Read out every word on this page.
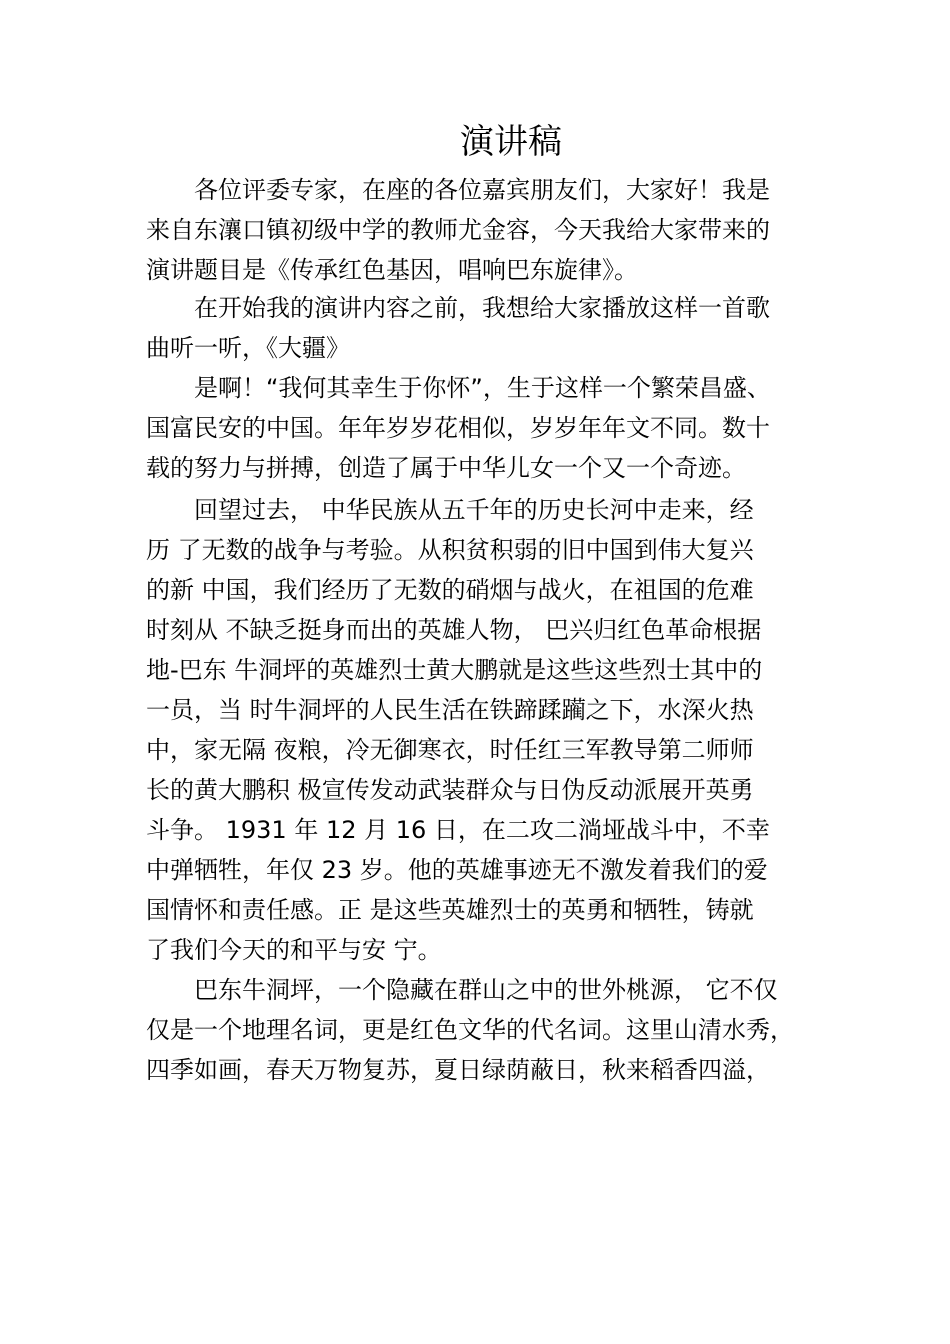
演讲稿
　　各位评委专家，在座的各位嘉宾朋友们，大家好！我是
来自东瀼口镇初级中学的教师尤金容，今天我给大家带来的
演讲题目是《传承红色基因，唱响巴东旋律》。
　　在开始我的演讲内容之前，我想给大家播放这样一首歌
曲听一听，《大疆》
　　是啊！“我何其幸生于你怀”，生于这样一个繁荣昌盛、
国富民安的中国。年年岁岁花相似，岁岁年年文不同。数十
载的努力与拼搏，创造了属于中华儿女一个又一个奇迹。
　　回望过去， 中华民族从五千年的历史长河中走来，经
历 了无数的战争与考验。从积贫积弱的旧中国到伟大复兴
的新 中国，我们经历了无数的硝烟与战火，在祖国的危难
时刻从 不缺乏挺身而出的英雄人物， 巴兴归红色革命根据
地-巴东 牛洞坪的英雄烈士黄大鹏就是这些这些烈士其中的
一员，当 时牛洞坪的人民生活在铁蹄蹂躏之下，水深火热
中，家无隔 夜粮，冷无御寒衣，时任红三军教导第二师师
长的黄大鹏积 极宣传发动武装群众与日伪反动派展开英勇
斗争。 1931 年 12 月 16 日，在二攻二淌垭战斗中，不幸
中弹牺牲，年仅 23 岁。他的英雄事迹无不激发着我们的爱
国情怀和责任感。正 是这些英雄烈士的英勇和牺牲，铸就
了我们今天的和平与安 宁。
　　巴东牛洞坪，一个隐藏在群山之中的世外桃源， 它不仅
仅是一个地理名词，更是红色文华的代名词。这里山清水秀，
四季如画，春天万物复苏，夏日绿荫蔽日，秋来稻香四溢，
